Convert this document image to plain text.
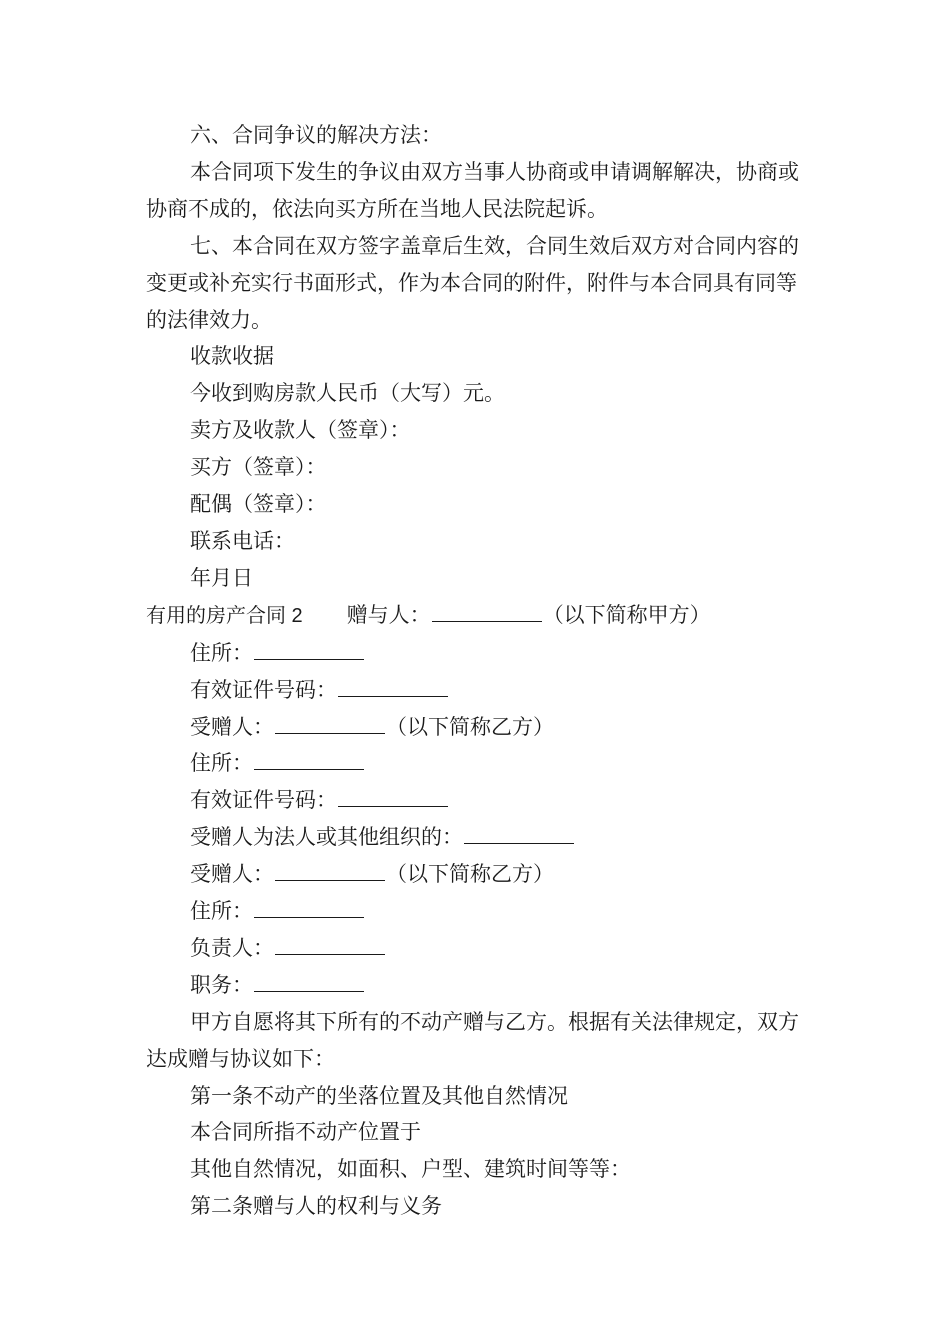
六、合同争议的解决方法：

本合同项下发生的争议由双方当事人协商或申请调解解决，协商或协商不成的，依法向买方所在当地人民法院起诉。

七、本合同在双方签字盖章后生效，合同生效后双方对合同内容的变更或补充实行书面形式，作为本合同的附件，附件与本合同具有同等的法律效力。

收款收据

今收到购房款人民币（大写）元。

卖方及收款人（签章）：

买方（签章）：

配偶（签章）：

联系电话：

年月日

有用的房产合同 2 赠与人：	（以下简称甲方）

住所：

有效证件号码：

受赠人：	（以下简称乙方）

住所：

有效证件号码：

受赠人为法人或其他组织的：

受赠人：	（以下简称乙方）

住所：

负责人：

职务：

甲方自愿将其下所有的不动产赠与乙方。根据有关法律规定，双方达成赠与协议如下：

第一条不动产的坐落位置及其他自然情况

本合同所指不动产位置于

其他自然情况，如面积、户型、建筑时间等等：

第二条赠与人的权利与义务
